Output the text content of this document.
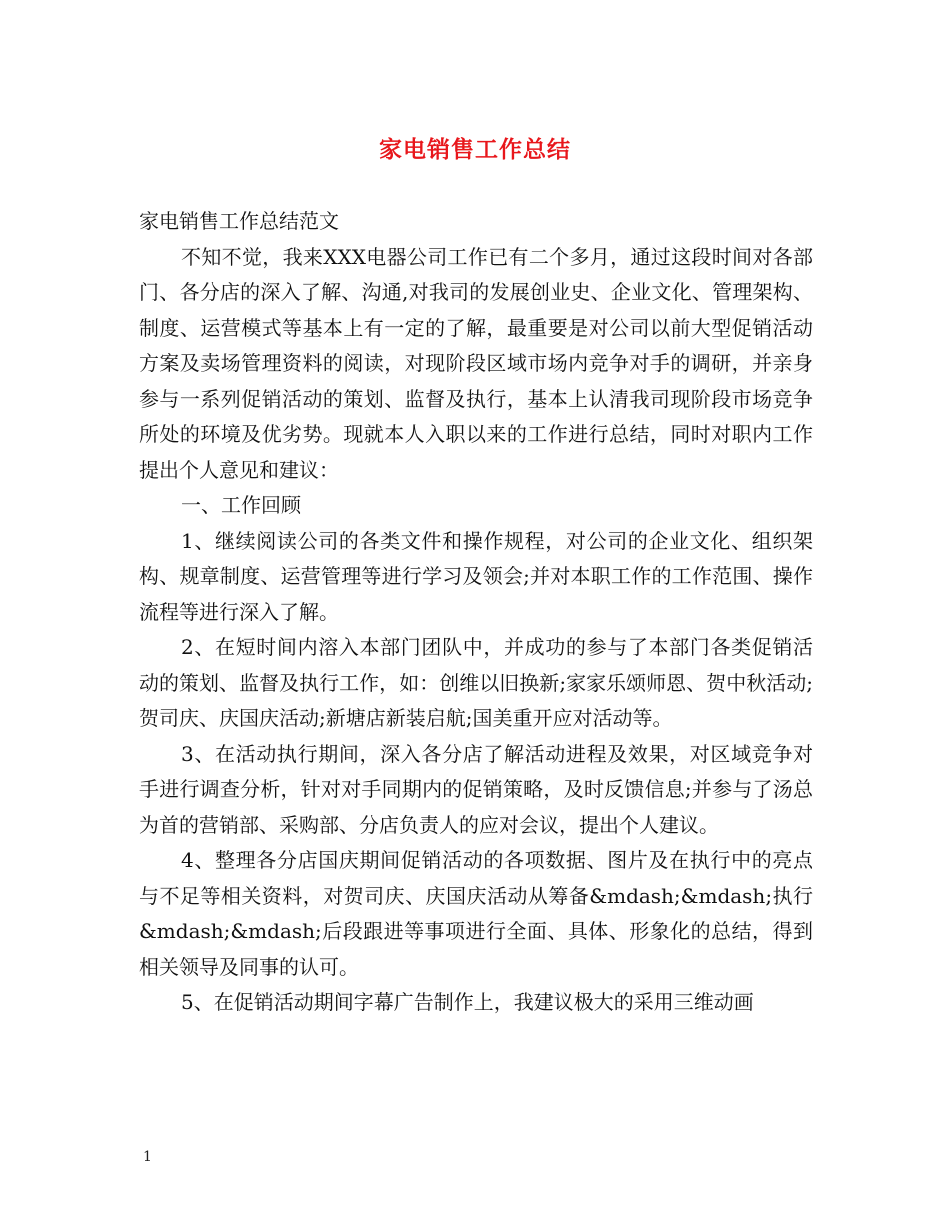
家电销售工作总结

家电销售工作总结范文

不知不觉，我来XXX电器公司工作已有二个多月，通过这段时间对各部门、各分店的深入了解、沟通,对我司的发展创业史、企业文化、管理架构、制度、运营模式等基本上有一定的了解，最重要是对公司以前大型促销活动方案及卖场管理资料的阅读，对现阶段区域市场内竞争对手的调研，并亲身参与一系列促销活动的策划、监督及执行，基本上认清我司现阶段市场竞争所处的环境及优劣势。现就本人入职以来的工作进行总结，同时对职内工作提出个人意见和建议：

一、工作回顾

1、继续阅读公司的各类文件和操作规程，对公司的企业文化、组织架构、规章制度、运营管理等进行学习及领会;并对本职工作的工作范围、操作流程等进行深入了解。

2、在短时间内溶入本部门团队中，并成功的参与了本部门各类促销活动的策划、监督及执行工作，如：创维以旧换新;家家乐颂师恩、贺中秋活动;贺司庆、庆国庆活动;新塘店新装启航;国美重开应对活动等。

3、在活动执行期间，深入各分店了解活动进程及效果，对区域竞争对手进行调查分析，针对对手同期内的促销策略，及时反馈信息;并参与了汤总为首的营销部、采购部、分店负责人的应对会议，提出个人建议。

4、整理各分店国庆期间促销活动的各项数据、图片及在执行中的亮点与不足等相关资料，对贺司庆、庆国庆活动从筹备&mdash;&mdash;执行&mdash;&mdash;后段跟进等事项进行全面、具体、形象化的总结，得到相关领导及同事的认可。

5、在促销活动期间字幕广告制作上，我建议极大的采用三维动画

1
